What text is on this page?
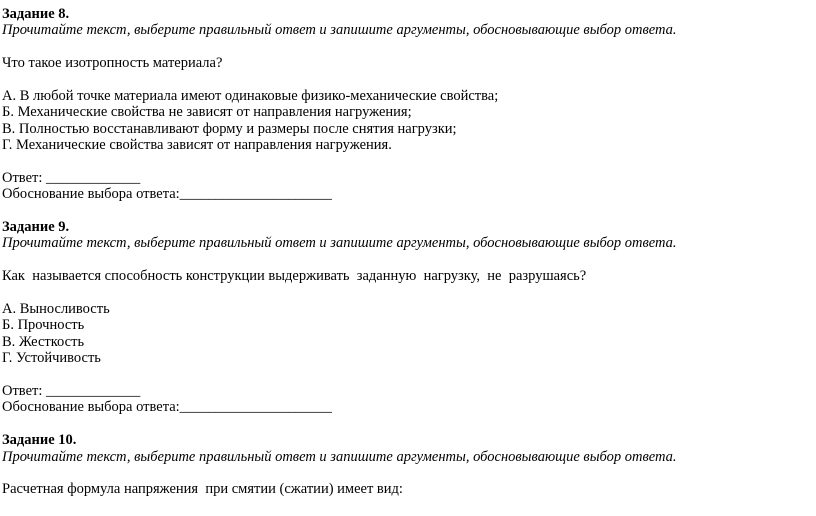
Задание 8.
Прочитайте текст, выберите правильный ответ и запишите аргументы, обосновывающие выбор ответа.
Что такое изотропность материала?
А. В любой точке материала имеют одинаковые физико-механические свойства;
Б. Механические свойства не зависят от направления нагружения;
В. Полностью восстанавливают форму и размеры после снятия нагрузки;
Г. Механические свойства зависят от направления нагружения.
Ответ: _____________
Обоснование выбора ответа:_____________________
Задание 9.
Прочитайте текст, выберите правильный ответ и запишите аргументы, обосновывающие выбор ответа.
Как  называется способность конструкции выдерживать  заданную  нагрузку,  не  разрушаясь?
А. Выносливость
Б. Прочность
В. Жесткость
Г. Устойчивость
Ответ: _____________
Обоснование выбора ответа:_____________________
Задание 10.
Прочитайте текст, выберите правильный ответ и запишите аргументы, обосновывающие выбор ответа.
Расчетная формула напряжения  при смятии (сжатии) имеет вид:
